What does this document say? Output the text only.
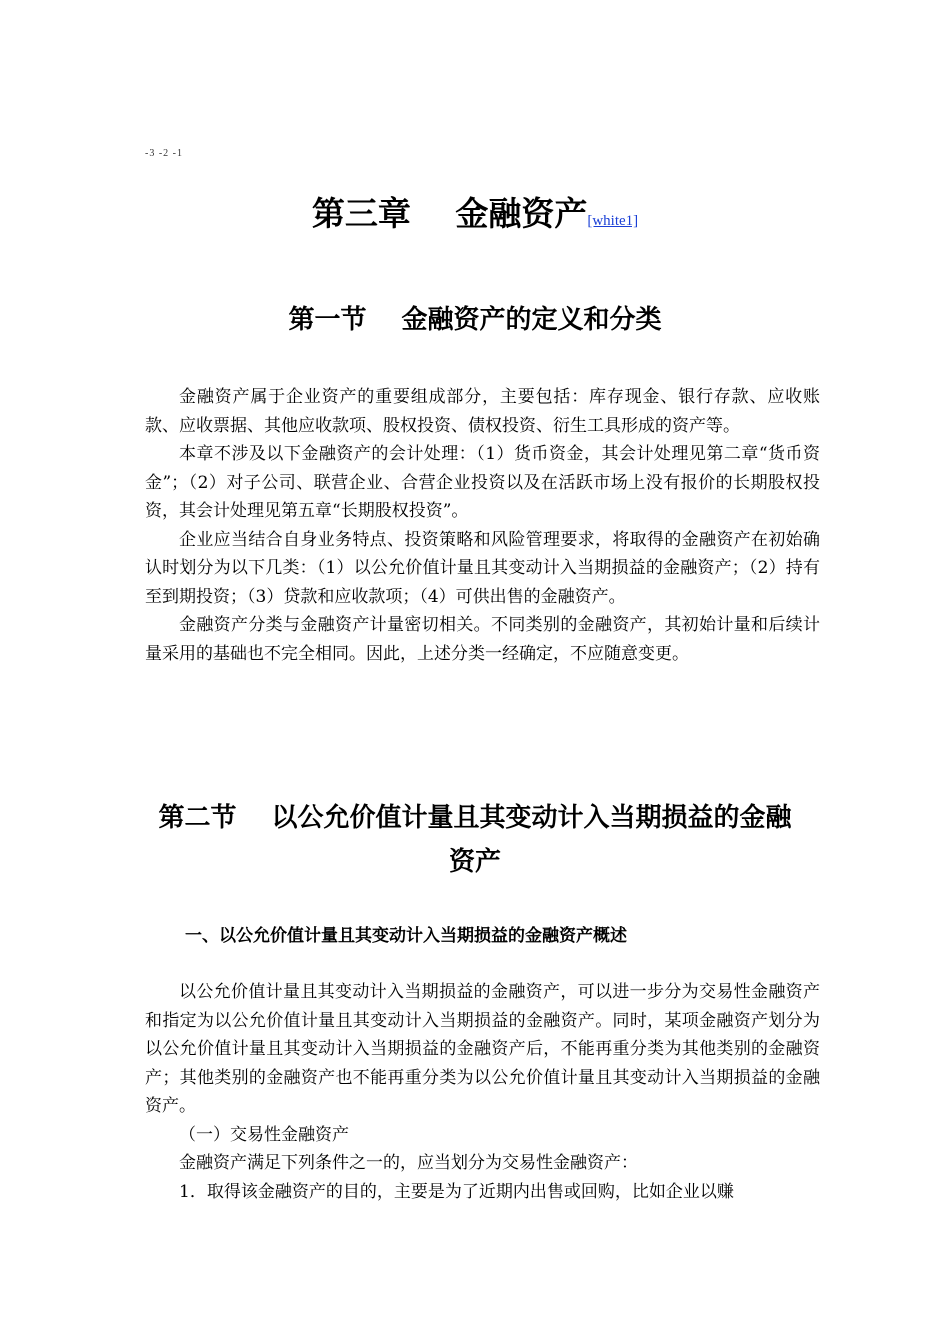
-3 -2 -1
第三章　 金融资产[white1]
第一节　 金融资产的定义和分类

金融资产属于企业资产的重要组成部分，主要包括：库存现金、银行存款、应收账款、应收票据、其他应收款项、股权投资、债权投资、衍生工具形成的资产等。

本章不涉及以下金融资产的会计处理：（1）货币资金，其会计处理见第二章“货币资金”；（2）对子公司、联营企业、合营企业投资以及在活跃市场上没有报价的长期股权投资，其会计处理见第五章“长期股权投资”。

企业应当结合自身业务特点、投资策略和风险管理要求，将取得的金融资产在初始确认时划分为以下几类：（1）以公允价值计量且其变动计入当期损益的金融资产；（2）持有至到期投资；（3）贷款和应收款项；（4）可供出售的金融资产。

金融资产分类与金融资产计量密切相关。不同类别的金融资产，其初始计量和后续计量采用的基础也不完全相同。因此，上述分类一经确定，不应随意变更。

第二节　 以公允价值计量且其变动计入当期损益的金融资产
一、以公允价值计量且其变动计入当期损益的金融资产概述

以公允价值计量且其变动计入当期损益的金融资产，可以进一步分为交易性金融资产和指定为以公允价值计量且其变动计入当期损益的金融资产。同时，某项金融资产划分为以公允价值计量且其变动计入当期损益的金融资产后，不能再重分类为其他类别的金融资产；其他类别的金融资产也不能再重分类为以公允价值计量且其变动计入当期损益的金融资产。

（一）交易性金融资产

金融资产满足下列条件之一的，应当划分为交易性金融资产：

1．取得该金融资产的目的，主要是为了近期内出售或回购，比如企业以赚
